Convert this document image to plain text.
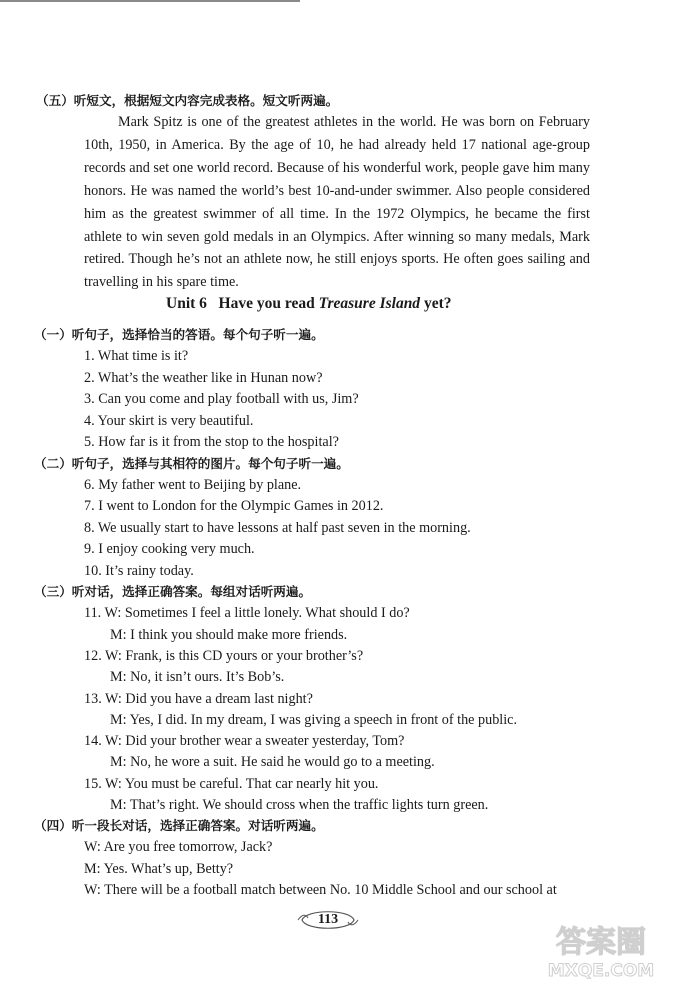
（五）听短文，根据短文内容完成表格。短文听两遍。
Mark Spitz is one of the greatest athletes in the world. He was born on February 10th, 1950, in America. By the age of 10, he had already held 17 national age-group records and set one world record. Because of his wonderful work, people gave him many honors. He was named the world’s best 10-and-under swimmer. Also people considered him as the greatest swimmer of all time. In the 1972 Olympics, he became the first athlete to win seven gold medals in an Olympics. After winning so many medals, Mark retired. Though he’s not an athlete now, he still enjoys sports. He often goes sailing and travelling in his spare time.
Unit 6 Have you read Treasure Island yet?
（一）听句子，选择恰当的答语。每个句子听一遍。
1. What time is it?
2. What’s the weather like in Hunan now?
3. Can you come and play football with us, Jim?
4. Your skirt is very beautiful.
5. How far is it from the stop to the hospital?
（二）听句子，选择与其相符的图片。每个句子听一遍。
6. My father went to Beijing by plane.
7. I went to London for the Olympic Games in 2012.
8. We usually start to have lessons at half past seven in the morning.
9. I enjoy cooking very much.
10. It’s rainy today.
（三）听对话，选择正确答案。每组对话听两遍。
11. W: Sometimes I feel a little lonely. What should I do?
M: I think you should make more friends.
12. W: Frank, is this CD yours or your brother’s?
M: No, it isn’t ours. It’s Bob’s.
13. W: Did you have a dream last night?
M: Yes, I did. In my dream, I was giving a speech in front of the public.
14. W: Did your brother wear a sweater yesterday, Tom?
M: No, he wore a suit. He said he would go to a meeting.
15. W: You must be careful. That car nearly hit you.
M: That’s right. We should cross when the traffic lights turn green.
（四）听一段长对话，选择正确答案。对话听两遍。
W: Are you free tomorrow, Jack?
M: Yes. What’s up, Betty?
W: There will be a football match between No. 10 Middle School and our school at
113
答案圈
MXQE.COM
